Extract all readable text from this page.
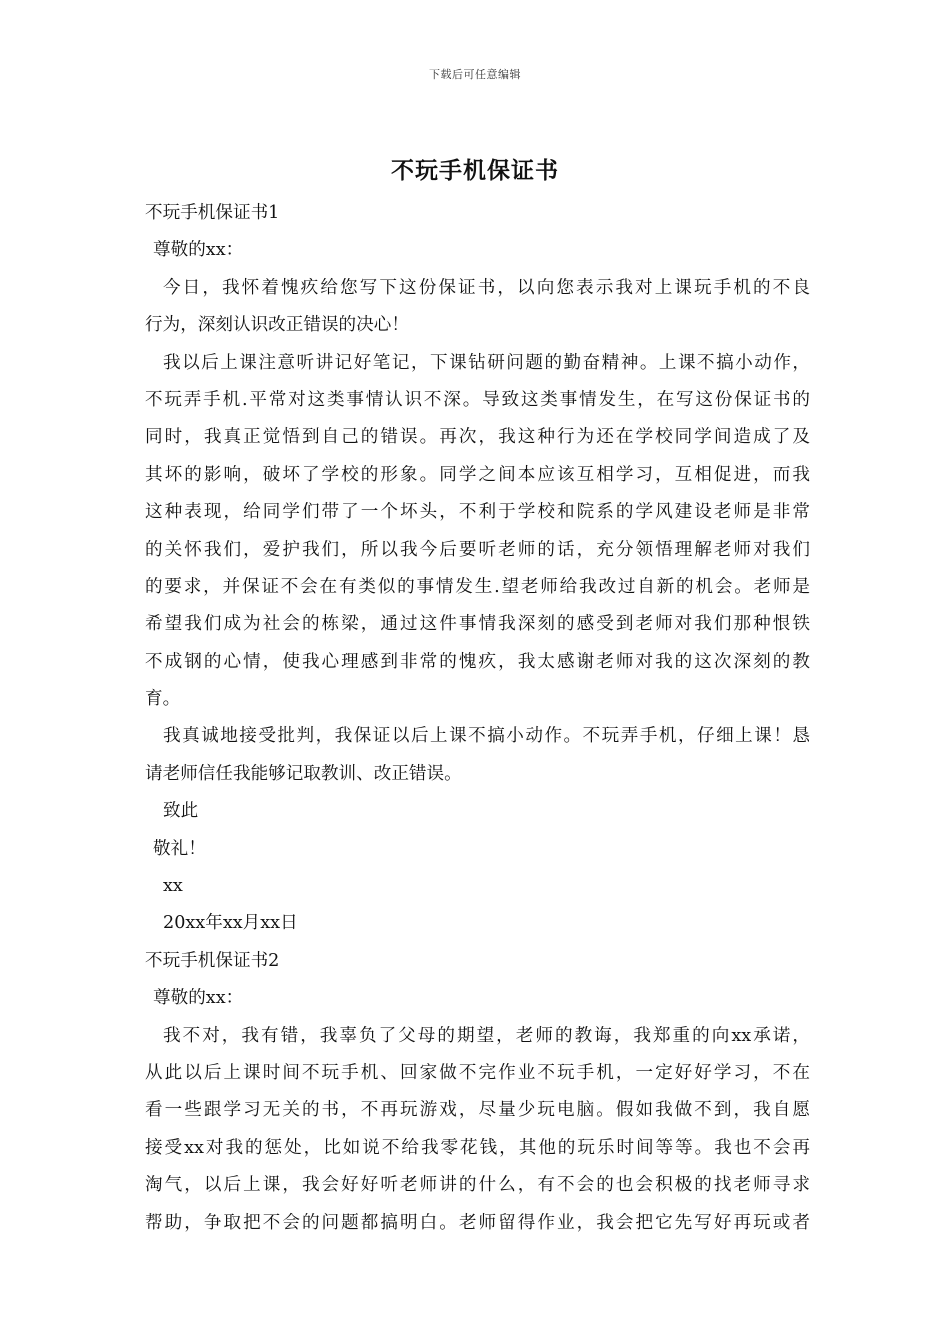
下载后可任意编辑
不玩手机保证书
不玩手机保证书1
尊敬的xx：
今日，我怀着愧疚给您写下这份保证书，以向您表示我对上课玩手机的不良
行为，深刻认识改正错误的决心！
我以后上课注意听讲记好笔记，下课钻研问题的勤奋精神。上课不搞小动作，
不玩弄手机.平常对这类事情认识不深。导致这类事情发生，在写这份保证书的
同时，我真正觉悟到自己的错误。再次，我这种行为还在学校同学间造成了及
其坏的影响，破坏了学校的形象。同学之间本应该互相学习，互相促进，而我
这种表现，给同学们带了一个坏头，不利于学校和院系的学风建设老师是非常
的关怀我们，爱护我们，所以我今后要听老师的话，充分领悟理解老师对我们
的要求，并保证不会在有类似的事情发生.望老师给我改过自新的机会。老师是
希望我们成为社会的栋梁，通过这件事情我深刻的感受到老师对我们那种恨铁
不成钢的心情，使我心理感到非常的愧疚，我太感谢老师对我的这次深刻的教
育。
我真诚地接受批判，我保证以后上课不搞小动作。不玩弄手机，仔细上课！恳
请老师信任我能够记取教训、改正错误。
致此
敬礼！
xx
20xx年xx月xx日
不玩手机保证书2
尊敬的xx：
我不对，我有错，我辜负了父母的期望，老师的教诲，我郑重的向xx承诺，
从此以后上课时间不玩手机、回家做不完作业不玩手机，一定好好学习，不在
看一些跟学习无关的书，不再玩游戏，尽量少玩电脑。假如我做不到，我自愿
接受xx对我的惩处，比如说不给我零花钱，其他的玩乐时间等等。我也不会再
淘气，以后上课，我会好好听老师讲的什么，有不会的也会积极的找老师寻求
帮助，争取把不会的问题都搞明白。老师留得作业，我会把它先写好再玩或者
